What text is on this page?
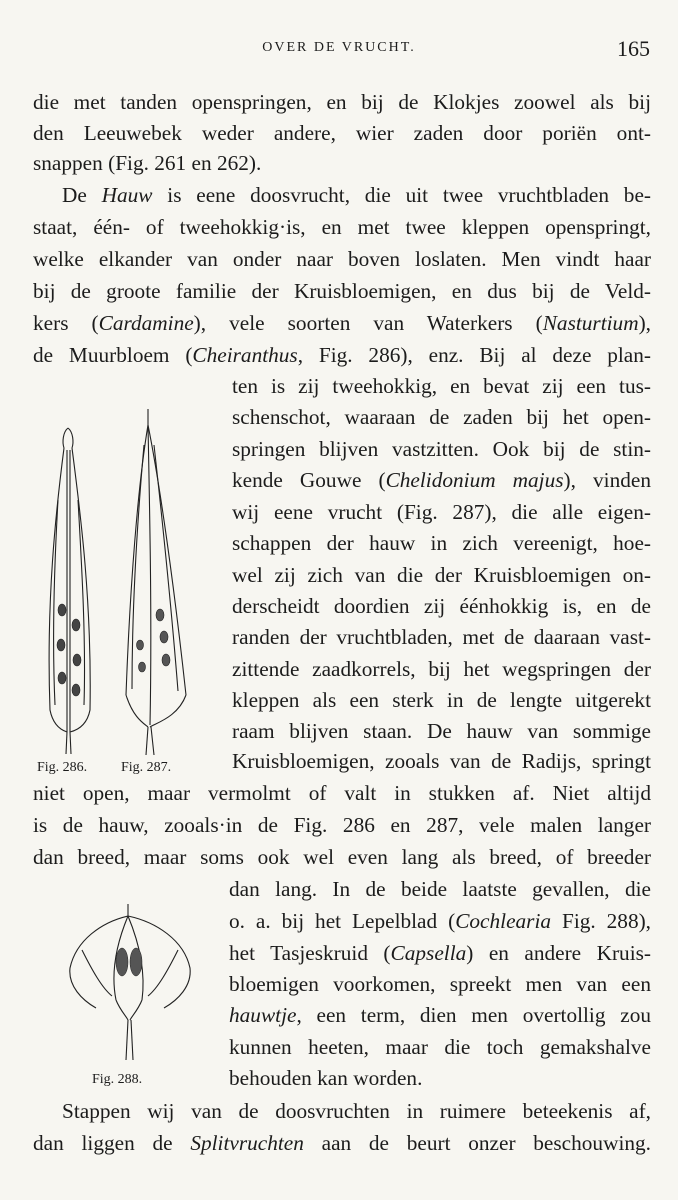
OVER DE VRUCHT.	165
die met tanden openspringen, en bij de Klokjes zoowel als bij
den Leeuwebek weder andere, wier zaden door poriën ont-
snappen (Fig. 261 en 262).
De Hauw is eene doosvrucht, die uit twee vruchtbladen be-
staat, één- of tweehokkig·is, en met twee kleppen openspringt,
welke elkander van onder naar boven loslaten. Men vindt haar
bij de groote familie der Kruisbloemigen, en dus bij de Veld-
kers (Cardamine), vele soorten van Waterkers (Nasturtium),
de Muurbloem (Cheiranthus, Fig. 286), enz. Bij al deze plan-
ten is zij tweehokkig, en bevat zij een tus-
schenschot, waaraan de zaden bij het open-
springen blijven vastzitten. Ook bij de stin-
kende Gouwe (Chelidonium majus), vinden
wij eene vrucht (Fig. 287), die alle eigen-
schappen der hauw in zich vereenigt, hoe-
wel zij zich van die der Kruisbloemigen on-
derscheidt doordien zij éénhokkig is, en de
randen der vruchtbladen, met de daaraan vast-
zittende zaadkorrels, bij het wegspringen der
kleppen als een sterk in de lengte uitgerekt
raam blijven staan. De hauw van sommige
Kruisbloemigen, zooals van de Radijs, springt
niet open, maar vermolmt of valt in stukken af. Niet altijd
is de hauw, zooals·in de Fig. 286 en 287, vele malen langer
dan breed, maar soms ook wel even lang als breed, of breeder
dan lang. In de beide laatste gevallen, die
o. a. bij het Lepelblad (Cochlearia Fig. 288),
het Tasjeskruid (Capsella) en andere Kruis-
bloemigen voorkomen, spreekt men van een
hauwtje, een term, dien men overtollig zou
kunnen heeten, maar die toch gemakshalve
behouden kan worden.
Stappen wij van de doosvruchten in ruimere beteekenis af,
dan liggen de Splitvruchten aan de beurt onzer beschouwing.
Fig. 286. Fig. 287.
Fig. 288.
